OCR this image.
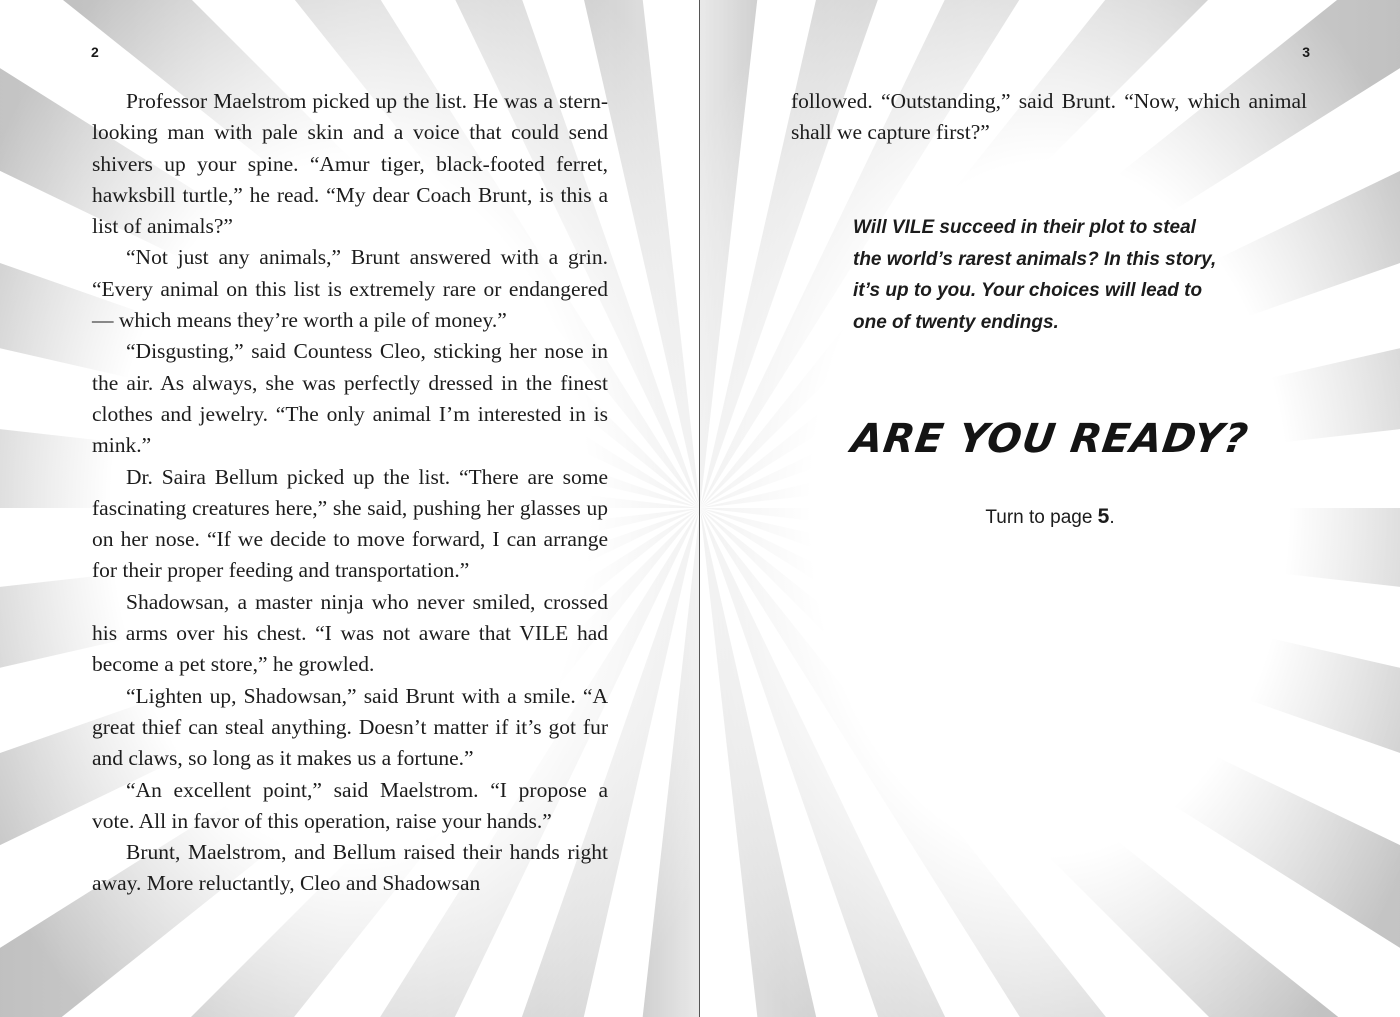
2

Professor Maelstrom picked up the list. He was a stern-looking man with pale skin and a voice that could send shivers up your spine. “Amur tiger, black-footed ferret, hawksbill turtle,” he read. “My dear Coach Brunt, is this a list of animals?”

“Not just any animals,” Brunt answered with a grin. “Every animal on this list is extremely rare or endangered — which means they’re worth a pile of money.”

“Disgusting,” said Countess Cleo, sticking her nose in the air. As always, she was perfectly dressed in the finest clothes and jewelry. “The only animal I’m interested in is mink.”

Dr. Saira Bellum picked up the list. “There are some fascinating creatures here,” she said, pushing her glasses up on her nose. “If we decide to move forward, I can arrange for their proper feeding and transportation.”

Shadowsan, a master ninja who never smiled, crossed his arms over his chest. “I was not aware that VILE had become a pet store,” he growled.

“Lighten up, Shadowsan,” said Brunt with a smile. “A great thief can steal anything. Doesn’t matter if it’s got fur and claws, so long as it makes us a fortune.”

“An excellent point,” said Maelstrom. “I propose a vote. All in favor of this operation, raise your hands.”

Brunt, Maelstrom, and Bellum raised their hands right away. More reluctantly, Cleo and Shadowsan

3

followed. “Outstanding,” said Brunt. “Now, which animal shall we capture first?”

Will VILE succeed in their plot to steal
the world’s rarest animals? In this story,
it’s up to you. Your choices will lead to
one of twenty endings.
ARE YOU READY?
Turn to page 5.
